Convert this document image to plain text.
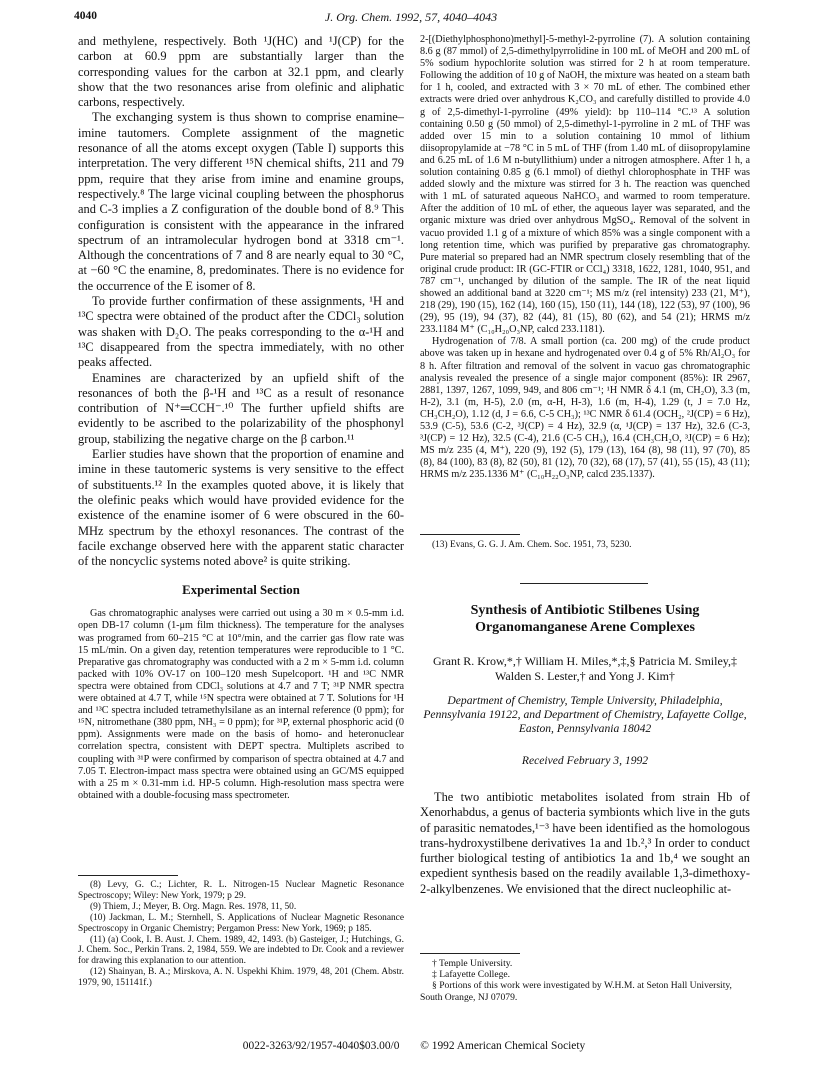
4040	J. Org. Chem. 1992, 57, 4040–4043

and methylene, respectively. Both ¹J(HC) and ¹J(CP) for the carbon at 60.9 ppm are substantially larger than the corresponding values for the carbon at 32.1 ppm, and clearly show that the two resonances arise from olefinic and aliphatic carbons, respectively.

The exchanging system is thus shown to comprise enamine–imine tautomers. Complete assignment of the magnetic resonance of all the atoms except oxygen (Table I) supports this interpretation. The very different ¹⁵N chemical shifts, 211 and 79 ppm, require that they arise from imine and enamine groups, respectively.⁸ The large vicinal coupling between the phosphorus and C-3 implies a Z configuration of the double bond of 8.⁹ This configuration is consistent with the appearance in the infrared spectrum of an intramolecular hydrogen bond at 3318 cm⁻¹. Although the concentrations of 7 and 8 are nearly equal to 30 °C, at −60 °C the enamine, 8, predominates. There is no evidence for the occurrence of the E isomer of 8.

To provide further confirmation of these assignments, ¹H and ¹³C spectra were obtained of the product after the CDCl₃ solution was shaken with D₂O. The peaks corresponding to the α-¹H and ¹³C disappeared from the spectra immediately, with no other peaks affected.

Enamines are characterized by an upfield shift of the resonances of both the β-¹H and ¹³C as a result of resonance contribution of N⁺═CCH⁻.¹⁰ The further upfield shifts are evidently to be ascribed to the polarizability of the phosphonyl group, stabilizing the negative charge on the β carbon.¹¹

Earlier studies have shown that the proportion of enamine and imine in these tautomeric systems is very sensitive to the effect of substituents.¹² In the examples quoted above, it is likely that the olefinic peaks which would have provided evidence for the existence of the enamine isomer of 6 were obscured in the 60-MHz spectrum by the ethoxyl resonances. The contrast of the facile exchange observed here with the apparent static character of the noncyclic systems noted above² is quite striking.

Experimental Section

Gas chromatographic analyses were carried out using a 30 m × 0.5-mm i.d. open DB-17 column (1-μm film thickness). The temperature for the analyses was programed from 60–215 °C at 10°/min, and the carrier gas flow rate was 15 mL/min. On a given day, retention temperatures were reproducible to 1 °C. Preparative gas chromatography was conducted with a 2 m × 5-mm i.d. column packed with 10% OV-17 on 100–120 mesh Supelcoport. ¹H and ¹³C NMR spectra were obtained from CDCl₃ solutions at 4.7 and 7 T; ³¹P NMR spectra were obtained at 4.7 T, while ¹⁵N spectra were obtained at 7 T. Solutions for ¹H and ¹³C spectra included tetramethylsilane as an internal reference (0 ppm); for ¹⁵N, nitromethane (380 ppm, NH₃ = 0 ppm); for ³¹P, external phosphoric acid (0 ppm). Assignments were made on the basis of homo- and heteronuclear correlation spectra, consistent with DEPT spectra. Multiplets ascribed to coupling with ³¹P were confirmed by comparison of spectra obtained at 4.7 and 7.05 T. Electron-impact mass spectra were obtained using an GC/MS equipped with a 25 m × 0.31-mm i.d. HP-5 column. High-resolution mass spectra were obtained with a double-focusing mass spectrometer.

(8) Levy, G. C.; Lichter, R. L. Nitrogen-15 Nuclear Magnetic Resonance Spectroscopy; Wiley: New York, 1979; p 29.

(9) Thiem, J.; Meyer, B. Org. Magn. Res. 1978, 11, 50.

(10) Jackman, L. M.; Sternhell, S. Applications of Nuclear Magnetic Resonance Spectroscopy in Organic Chemistry; Pergamon Press: New York, 1969; p 185.

(11) (a) Cook, I. B. Aust. J. Chem. 1989, 42, 1493. (b) Gasteiger, J.; Hutchings, G. J. Chem. Soc., Perkin Trans. 2, 1984, 559. We are indebted to Dr. Cook and a reviewer for drawing this explanation to our attention.

(12) Shainyan, B. A.; Mirskova, A. N. Uspekhi Khim. 1979, 48, 201 (Chem. Abstr. 1979, 90, 151141f.)

2-[(Diethylphosphono)methyl]-5-methyl-2-pyrroline (7). A solution containing 8.6 g (87 mmol) of 2,5-dimethylpyrrolidine in 100 mL of MeOH and 200 mL of 5% sodium hypochlorite solution was stirred for 2 h at room temperature. Following the addition of 10 g of NaOH, the mixture was heated on a steam bath for 1 h, cooled, and extracted with 3 × 70 mL of ether. The combined ether extracts were dried over anhydrous K₂CO₃ and carefully distilled to provide 4.0 g of 2,5-dimethyl-1-pyrroline (49% yield): bp 110–114 °C.¹³ A solution containing 0.50 g (50 mmol) of 2,5-dimethyl-1-pyrroline in 2 mL of THF was added over 15 min to a solution containing 10 mmol of lithium diisopropylamide at −78 °C in 5 mL of THF (from 1.40 mL of diisopropylamine and 6.25 mL of 1.6 M n-butyllithium) under a nitrogen atmosphere. After 1 h, a solution containing 0.85 g (6.1 mmol) of diethyl chlorophosphate in THF was added slowly and the mixture was stirred for 3 h. The reaction was quenched with 1 mL of saturated aqueous NaHCO₃ and warmed to room temperature. After the addition of 10 mL of ether, the aqueous layer was separated, and the organic mixture was dried over anhydrous MgSO₄. Removal of the solvent in vacuo provided 1.1 g of a mixture of which 85% was a single component with a long retention time, which was purified by preparative gas chromatography. Pure material so prepared had an NMR spectrum closely resembling that of the original crude product: IR (GC-FTIR or CCl₄) 3318, 1622, 1281, 1040, 951, and 787 cm⁻¹, unchanged by dilution of the sample. The IR of the neat liquid showed an additional band at 3220 cm⁻¹; MS m/z (rel intensity) 233 (21, M⁺), 218 (29), 190 (15), 162 (14), 160 (15), 150 (11), 144 (18), 122 (53), 97 (100), 96 (29), 95 (19), 94 (37), 82 (44), 81 (15), 80 (62), and 54 (21); HRMS m/z 233.1184 M⁺ (C₁₀H₂₀O₃NP, calcd 233.1181).

Hydrogenation of 7/8. A small portion (ca. 200 mg) of the crude product above was taken up in hexane and hydrogenated over 0.4 g of 5% Rh/Al₂O₃ for 8 h. After filtration and removal of the solvent in vacuo gas chromatographic analysis revealed the presence of a single major component (85%): IR 2967, 2881, 1397, 1267, 1099, 949, and 806 cm⁻¹; ¹H NMR δ 4.1 (m, CH₂O), 3.3 (m, H-2), 3.1 (m, H-5), 2.0 (m, α-H, H-3), 1.6 (m, H-4), 1.29 (t, J = 7.0 Hz, CH₃CH₂O), 1.12 (d, J = 6.6, C-5 CH₃); ¹³C NMR δ 61.4 (OCH₂, ²J(CP) = 6 Hz), 53.9 (C-5), 53.6 (C-2, ³J(CP) = 4 Hz), 32.9 (α, ¹J(CP) = 137 Hz), 32.6 (C-3, ³J(CP) = 12 Hz), 32.5 (C-4), 21.6 (C-5 CH₃), 16.4 (CH₃CH₂O, ³J(CP) = 6 Hz); MS m/z 235 (4, M⁺), 220 (9), 192 (5), 179 (13), 164 (8), 98 (11), 97 (70), 85 (8), 84 (100), 83 (8), 82 (50), 81 (12), 70 (32), 68 (17), 57 (41), 55 (15), 43 (11); HRMS m/z 235.1336 M⁺ (C₁₀H₂₂O₃NP, calcd 235.1337).

(13) Evans, G. G. J. Am. Chem. Soc. 1951, 73, 5230.

Synthesis of Antibiotic Stilbenes Using Organomanganese Arene Complexes
Grant R. Krow,*,† William H. Miles,*,‡,§ Patricia M. Smiley,‡ Walden S. Lester,† and Yong J. Kim†
Department of Chemistry, Temple University, Philadelphia, Pennsylvania 19122, and Department of Chemistry, Lafayette Collge, Easton, Pennsylvania 18042
Received February 3, 1992
The two antibiotic metabolites isolated from strain Hb of Xenorhabdus, a genus of bacteria symbionts which live in the guts of parasitic nematodes,¹⁻³ have been identified as the homologous trans-hydroxystilbene derivatives 1a and 1b.²,³ In order to conduct further biological testing of antibiotics 1a and 1b,⁴ we sought an expedient synthesis based on the readily available 1,3-dimethoxy-2-alkylbenzenes. We envisioned that the direct nucleophilic at-

† Temple University.

‡ Lafayette College.

§ Portions of this work were investigated by W.H.M. at Seton Hall University, South Orange, NJ 07079.

0022-3263/92/1957-4040$03.00/0 © 1992 American Chemical Society
